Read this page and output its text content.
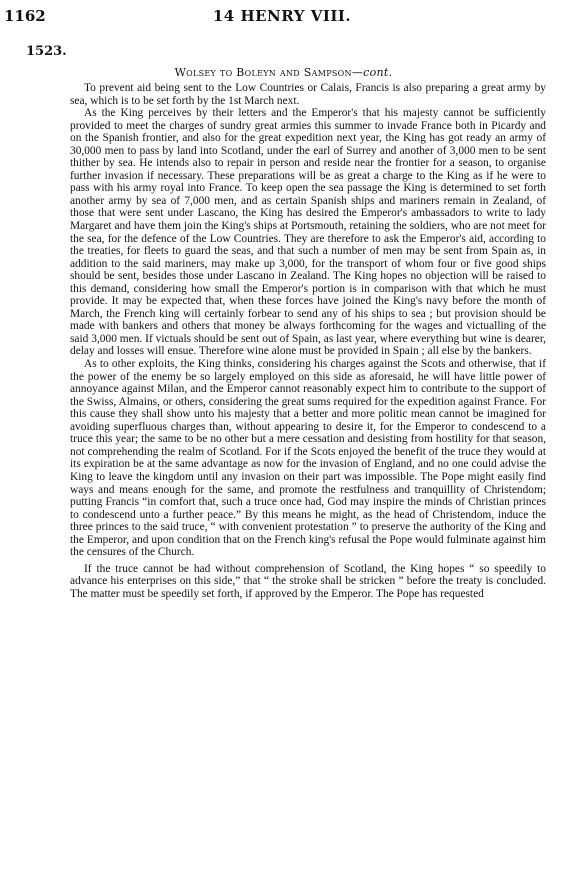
1162	14 HENRY VIII.
1523.
Wolsey to Boleyn and Sampson—cont.

To prevent aid being sent to the Low Countries or Calais, Francis is also preparing a great army by sea, which is to be set forth by the 1st March next.

As the King perceives by their letters and the Emperor's that his majesty cannot be sufficiently provided to meet the charges of sundry great armies this summer to invade France both in Picardy and on the Spanish frontier, and also for the great expedition next year, the King has got ready an army of 30,000 men to pass by land into Scotland, under the earl of Surrey and another of 3,000 men to be sent thither by sea. He intends also to repair in person and reside near the frontier for a season, to organise further invasion if necessary. These preparations will be as great a charge to the King as if he were to pass with his army royal into France. To keep open the sea passage the King is determined to set forth another army by sea of 7,000 men, and as certain Spanish ships and mariners remain in Zealand, of those that were sent under Lascano, the King has desired the Emperor's ambassadors to write to lady Margaret and have them join the King's ships at Portsmouth, retaining the soldiers, who are not meet for the sea, for the defence of the Low Countries. They are therefore to ask the Emperor's aid, according to the treaties, for fleets to guard the seas, and that such a number of men may be sent from Spain as, in addition to the said mariners, may make up 3,000, for the transport of whom four or five good ships should be sent, besides those under Lascano in Zealand. The King hopes no objection will be raised to this demand, considering how small the Emperor's portion is in comparison with that which he must provide. It may be expected that, when these forces have joined the King's navy before the month of March, the French king will certainly forbear to send any of his ships to sea ; but provision should be made with bankers and others that money be always forthcoming for the wages and victualling of the said 3,000 men. If victuals should be sent out of Spain, as last year, where everything but wine is dearer, delay and losses will ensue. Therefore wine alone must be provided in Spain ; all else by the bankers.

As to other exploits, the King thinks, considering his charges against the Scots and otherwise, that if the power of the enemy be so largely employed on this side as aforesaid, he will have little power of annoyance against Milan, and the Emperor cannot reasonably expect him to contribute to the support of the Swiss, Almains, or others, considering the great sums required for the expedition against France. For this cause they shall show unto his majesty that a better and more politic mean cannot be imagined for avoiding superfluous charges than, without appearing to desire it, for the Emperor to condescend to a truce this year; the same to be no other but a mere cessation and desisting from hostility for that season, not comprehending the realm of Scotland. For if the Scots enjoyed the benefit of the truce they would at its expiration be at the same advantage as now for the invasion of England, and no one could advise the King to leave the kingdom until any invasion on their part was impossible. The Pope might easily find ways and means enough for the same, and promote the restfulness and tranquillity of Christendom; putting Francis “in comfort that, such a truce once had, God may inspire the minds of Christian princes to condescend unto a further peace.” By this means he might, as the head of Christendom, induce the three princes to the said truce, “ with convenient protestation ” to preserve the authority of the King and the Emperor, and upon condition that on the French king's refusal the Pope would fulminate against him the censures of the Church.

If the truce cannot be had without comprehension of Scotland, the King hopes “ so speedily to advance his enterprises on this side,” that “ the stroke shall be stricken ” before the treaty is concluded. The matter must be speedily set forth, if approved by the Emperor. The Pope has requested
